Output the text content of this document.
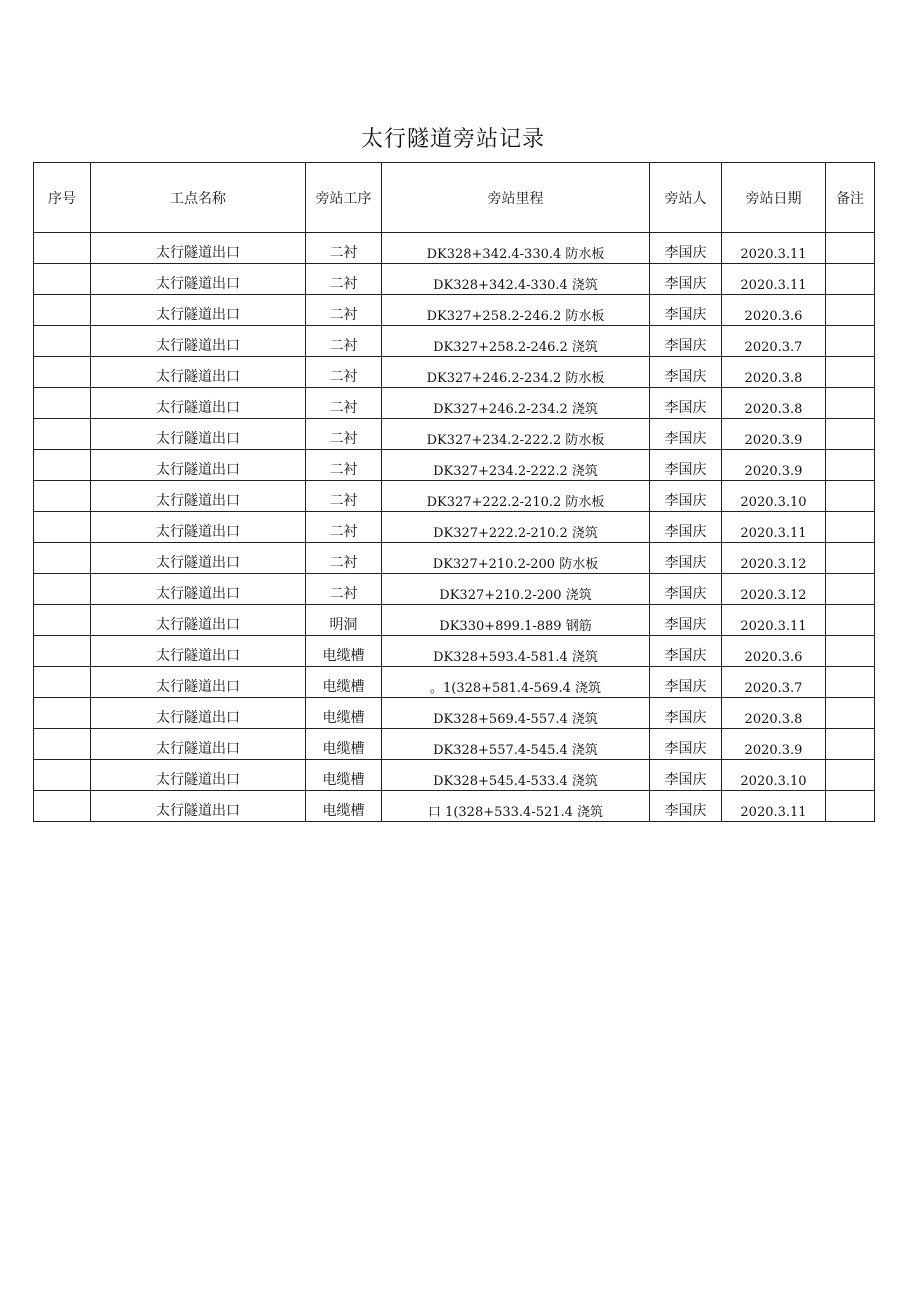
太行隧道旁站记录
序号	工点名称	旁站工序	旁站里程	旁站人	旁站日期	备注
	太行隧道出口	二衬	DK328+342.4-330.4 防水板	李国庆	2020.3.11	
	太行隧道出口	二衬	DK328+342.4-330.4 浇筑	李国庆	2020.3.11	
	太行隧道出口	二衬	DK327+258.2-246.2 防水板	李国庆	2020.3.6	
	太行隧道出口	二衬	DK327+258.2-246.2 浇筑	李国庆	2020.3.7	
	太行隧道出口	二衬	DK327+246.2-234.2 防水板	李国庆	2020.3.8	
	太行隧道出口	二衬	DK327+246.2-234.2 浇筑	李国庆	2020.3.8	
	太行隧道出口	二衬	DK327+234.2-222.2 防水板	李国庆	2020.3.9	
	太行隧道出口	二衬	DK327+234.2-222.2 浇筑	李国庆	2020.3.9	
	太行隧道出口	二衬	DK327+222.2-210.2 防水板	李国庆	2020.3.10	
	太行隧道出口	二衬	DK327+222.2-210.2 浇筑	李国庆	2020.3.11	
	太行隧道出口	二衬	DK327+210.2-200 防水板	李国庆	2020.3.12	
	太行隧道出口	二衬	DK327+210.2-200 浇筑	李国庆	2020.3.12	
	太行隧道出口	明洞	DK330+899.1-889 钢筋	李国庆	2020.3.11	
	太行隧道出口	电缆槽	DK328+593.4-581.4 浇筑	李国庆	2020.3.6	
	太行隧道出口	电缆槽	。1(328+581.4-569.4 浇筑	李国庆	2020.3.7	
	太行隧道出口	电缆槽	DK328+569.4-557.4 浇筑	李国庆	2020.3.8	
	太行隧道出口	电缆槽	DK328+557.4-545.4 浇筑	李国庆	2020.3.9	
	太行隧道出口	电缆槽	DK328+545.4-533.4 浇筑	李国庆	2020.3.10	
	太行隧道出口	电缆槽	口 1(328+533.4-521.4 浇筑	李国庆	2020.3.11	
